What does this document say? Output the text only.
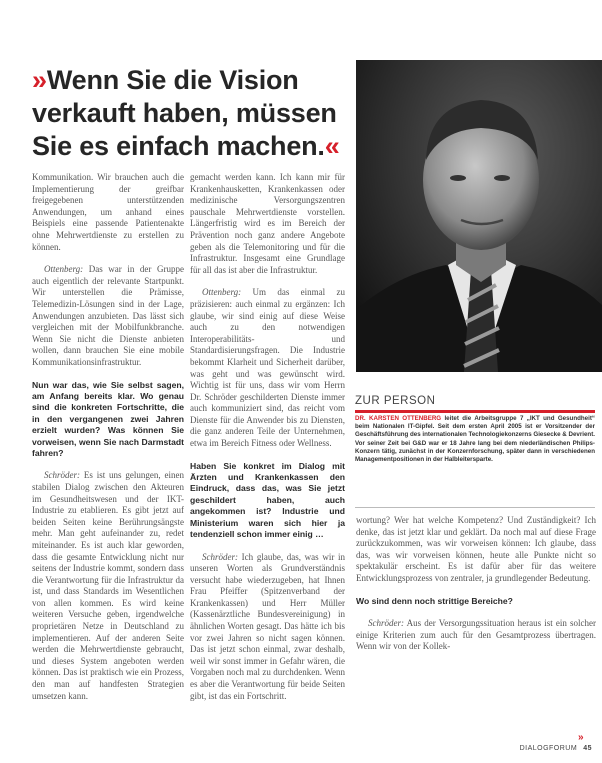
»Wenn Sie die Vision verkauft haben, müssen Sie es einfach machen.«

Kommunikation. Wir brauchen auch die Implementierung der greifbar freigegebenen unterstützenden Anwendungen, um anhand eines Beispiels eine passende Patientenakte ohne Mehrwertdienste zu erstellen zu können.

Ottenberg: Das war in der Gruppe auch eigentlich der relevante Startpunkt. Wir unterstellen die Prämisse, Telemedizin-Lösungen sind in der Lage, Anwendungen anzubieten. Das lässt sich vergleichen mit der Mobilfunkbranche. Wenn Sie nicht die Dienste anbieten wollen, dann brauchen Sie eine mobile Kommunikationsinfrastruktur.

Nun war das, wie Sie selbst sagen, am Anfang bereits klar. Wo genau sind die konkreten Fortschritte, die in den vergangenen zwei Jahren erzielt wurden? Was können Sie vorweisen, wenn Sie nach Darmstadt fahren?

Schröder: Es ist uns gelungen, einen stabilen Dialog zwischen den Akteuren im Gesundheitswesen und der IKT-Industrie zu etablieren. Es gibt jetzt auf beiden Seiten keine Berührungsängste mehr. Man geht aufeinander zu, redet miteinander. Es ist auch klar geworden, dass die gesamte Entwicklung nicht nur seitens der Industrie kommt, sondern dass die Verantwortung für die Infrastruktur da ist, und dass Standards im Wesentlichen von allen kommen. Es wird keine weiteren Versuche geben, irgendwelche proprietären Netze in Deutschland zu implementieren. Auf der anderen Seite werden die Mehrwertdienste gebraucht, und dieses System angeboten werden können. Das ist praktisch wie ein Prozess, den man auf handfesten Strategien umsetzen kann.

gemacht werden kann. Ich kann mir für Krankenhausketten, Krankenkassen oder medizinische Versorgungszentren pauschale Mehrwertdienste vorstellen. Längerfristig wird es im Bereich der Prävention noch ganz andere Angebote geben als die Telemonitoring und für die Infrastruktur. Insgesamt eine Grundlage für all das ist aber die Infrastruktur.

Ottenberg: Um das einmal zu präzisieren: auch einmal zu ergänzen: Ich glaube, wir sind einig auf diese Weise auch zu den notwendigen Interoperabilitäts- und Standardisierungsfragen. Die Industrie bekommt Klarheit und Sicherheit darüber, was geht und was gewünscht wird. Wichtig ist für uns, dass wir vom Herrn Dr. Schröder geschilderten Dienste immer auch kommuniziert sind, das reicht vom Dienste für die Anwender bis zu Diensten, die ganz anderen Teile der Unternehmen, etwa im Bereich Fitness oder Wellness.

Haben Sie konkret im Dialog mit Ärzten und Krankenkassen den Eindruck, dass das, was Sie jetzt geschildert haben, auch angekommen ist? Industrie und Ministerium waren sich hier ja tendenziell schon immer einig …

Schröder: Ich glaube, das, was wir in unseren Worten als Grundverständnis versucht habe wiederzugeben, hat Ihnen Frau Pfeiffer (Spitzenverband der Krankenkassen) und Herr Müller (Kassenärztliche Bundesvereinigung) in ähnlichen Worten gesagt. Das hätte ich bis vor zwei Jahren so nicht sagen können. Das ist jetzt schon einmal, zwar deshalb, weil wir sonst immer in Gefahr wären, die Vorgaben noch mal zu durchdenken. Wenn es aber die Verantwortung für beide Seiten gibt, ist das ein Fortschritt.

ZUR PERSON
DR. KARSTEN OTTENBERG leitet die Arbeitsgruppe 7 „IKT und Gesundheit“ beim Nationalen IT-Gipfel. Seit dem ersten April 2005 ist er Vorsitzender der Geschäftsführung des internationalen Technologiekonzerns Giesecke & Devrient. Vor seiner Zeit bei G&D war er 18 Jahre lang bei dem niederländischen Philips-Konzern tätig, zunächst in der Konzernforschung, später dann in verschiedenen Managementpositionen in der Halbleitersparte.

wortung? Wer hat welche Kompetenz? Und Zuständigkeit? Ich denke, das ist jetzt klar und geklärt. Da noch mal auf diese Frage zurückzukommen, was wir vorweisen können: Ich glaube, dass das, was wir vorweisen können, heute alle Punkte nicht so spektakulär erscheint. Es ist dafür aber für das weitere Entwicklungsprozess von zentraler, ja grundlegender Bedeutung.

Wo sind denn noch strittige Bereiche?

Schröder: Aus der Versorgungssituation heraus ist ein solcher einige Kriterien zum auch für den Gesamtprozess übertragen. Wenn wir von der Kollek-

»
DIALOGFORUM 45
